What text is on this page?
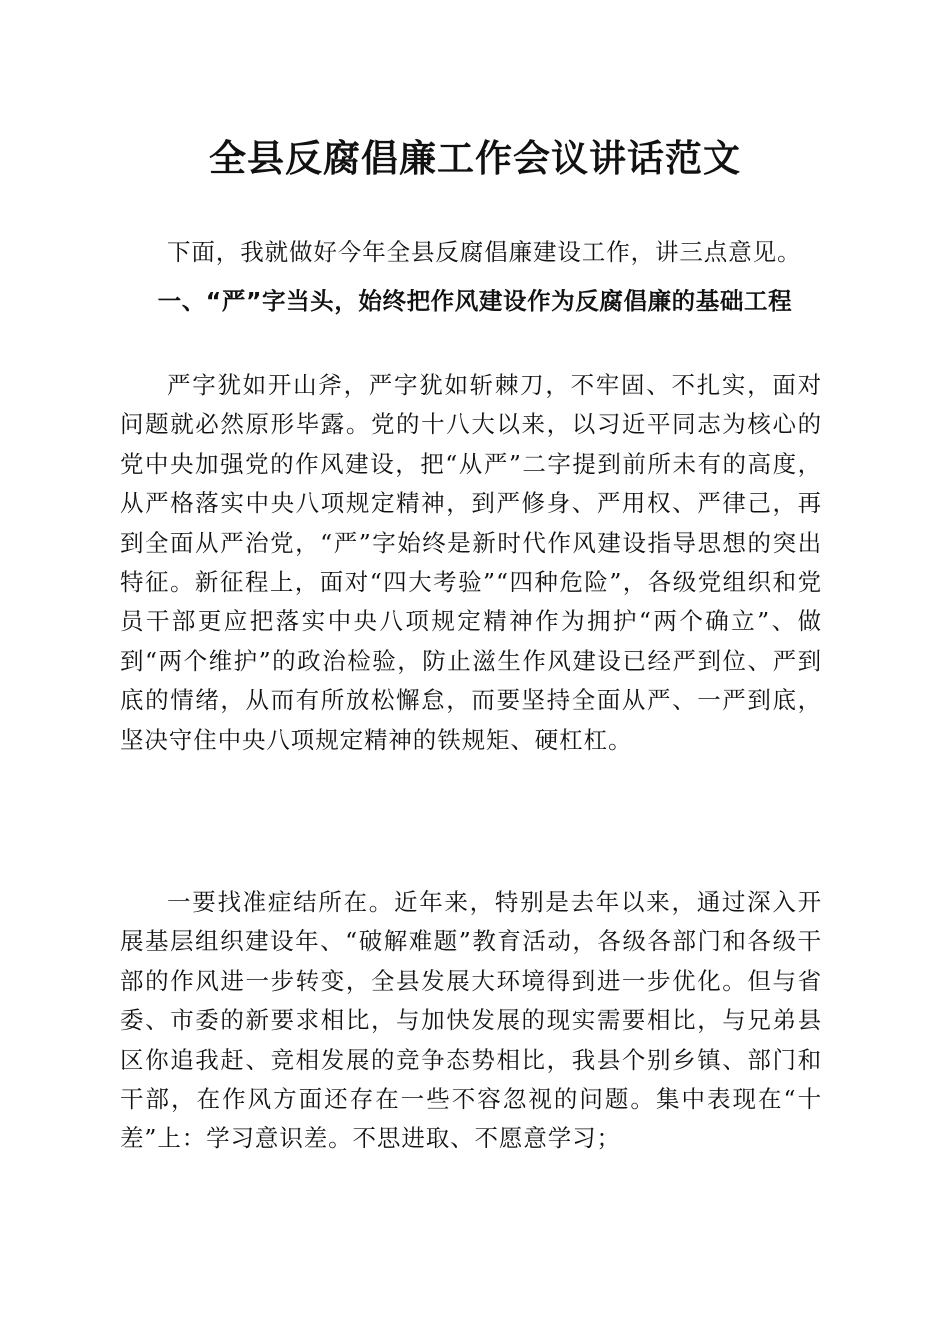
全县反腐倡廉工作会议讲话范文

下面，我就做好今年全县反腐倡廉建设工作，讲三点意见。

一、“严”字当头，始终把作风建设作为反腐倡廉的基础工程

严字犹如开山斧，严字犹如斩棘刀，不牢固、不扎实，面对问题就必然原形毕露。党的十八大以来，以习近平同志为核心的党中央加强党的作风建设，把“从严”二字提到前所未有的高度，从严格落实中央八项规定精神，到严修身、严用权、严律己，再到全面从严治党，“严”字始终是新时代作风建设指导思想的突出特征。新征程上，面对“四大考验”“四种危险”，各级党组织和党员干部更应把落实中央八项规定精神作为拥护“两个确立”、做到“两个维护”的政治检验，防止滋生作风建设已经严到位、严到底的情绪，从而有所放松懈怠，而要坚持全面从严、一严到底，坚决守住中央八项规定精神的铁规矩、硬杠杠。

一要找准症结所在。近年来，特别是去年以来，通过深入开展基层组织建设年、“破解难题”教育活动，各级各部门和各级干部的作风进一步转变，全县发展大环境得到进一步优化。但与省委、市委的新要求相比，与加快发展的现实需要相比，与兄弟县区你追我赶、竞相发展的竞争态势相比，我县个别乡镇、部门和干部，在作风方面还存在一些不容忽视的问题。集中表现在“十差”上：学习意识差。不思进取、不愿意学习；
